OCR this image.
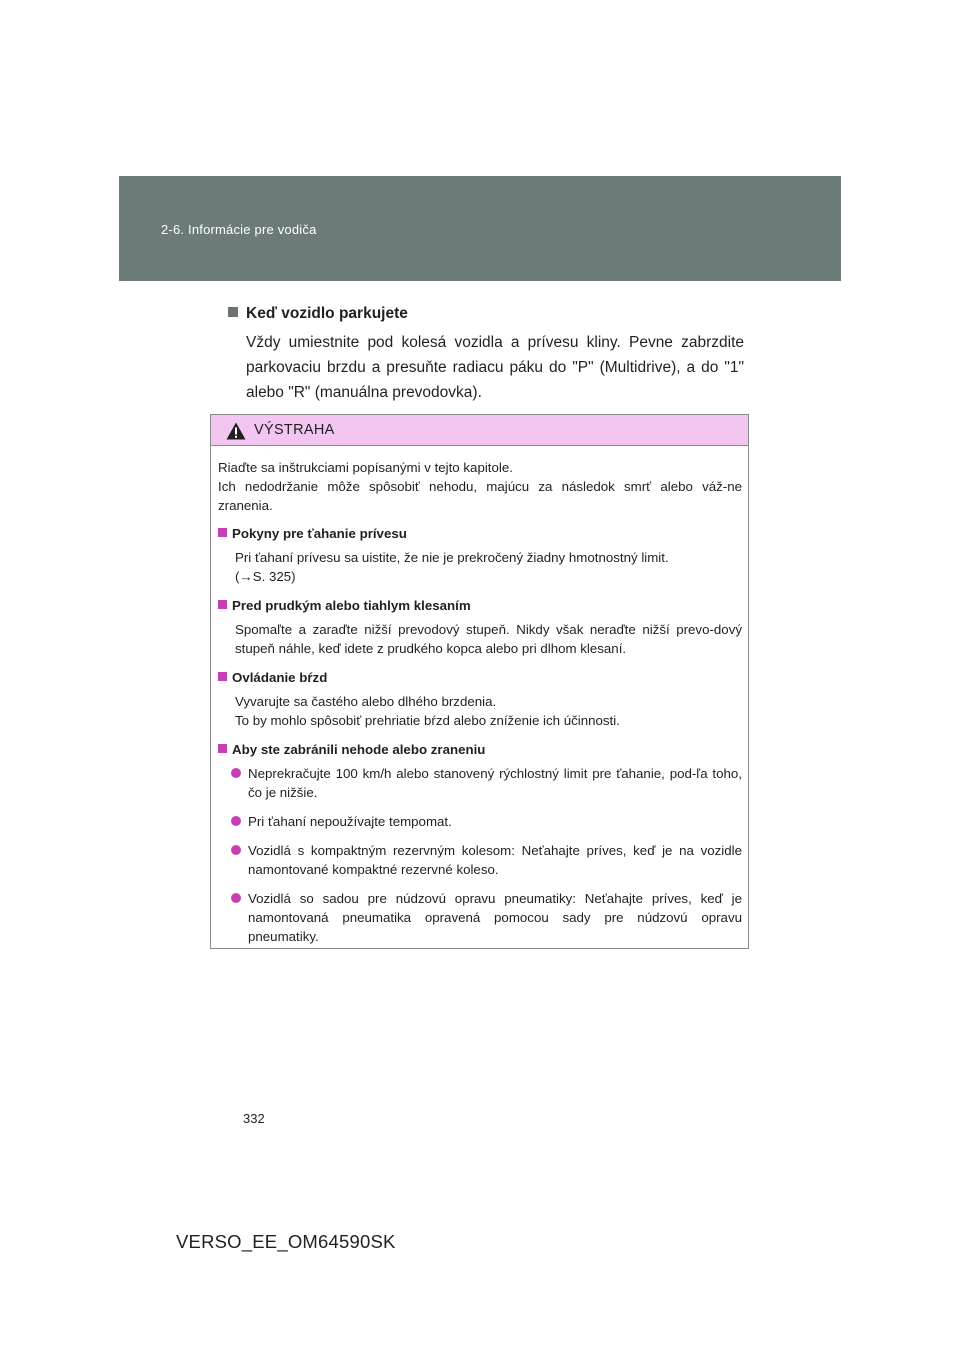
2-6. Informácie pre vodiča
Keď vozidlo parkujete
Vždy umiestnite pod kolesá vozidla a prívesu kliny. Pevne zabrzdite parkovaciu brzdu a presuňte radiacu páku do "P" (Multidrive), a do "1" alebo "R" (manuálna prevodovka).
VÝSTRAHA
Riaďte sa inštrukciami popísanými v tejto kapitole.
Ich nedodržanie môže spôsobiť nehodu, majúcu za následok smrť alebo váž-ne zranenia.
Pokyny pre ťahanie prívesu
Pri ťahaní prívesu sa uistite, že nie je prekročený žiadny hmotnostný limit.
(→S. 325)
Pred prudkým alebo tiahlym klesaním
Spomaľte a zaraďte nižší prevodový stupeň. Nikdy však neraďte nižší prevo-dový stupeň náhle, keď idete z prudkého kopca alebo pri dlhom klesaní.
Ovládanie bŕzd
Vyvarujte sa častého alebo dlhého brzdenia.
To by mohlo spôsobiť prehriatie bŕzd alebo zníženie ich účinnosti.
Aby ste zabránili nehode alebo zraneniu
Neprekračujte 100 km/h alebo stanovený rýchlostný limit pre ťahanie, pod-ľa toho, čo je nižšie.
Pri ťahaní nepoužívajte tempomat.
Vozidlá s kompaktným rezervným kolesom: Neťahajte príves, keď je na vozidle namontované kompaktné rezervné koleso.
Vozidlá so sadou pre núdzovú opravu pneumatiky: Neťahajte príves, keď je namontovaná pneumatika opravená pomocou sady pre núdzovú opravu pneumatiky.
332
VERSO_EE_OM64590SK
